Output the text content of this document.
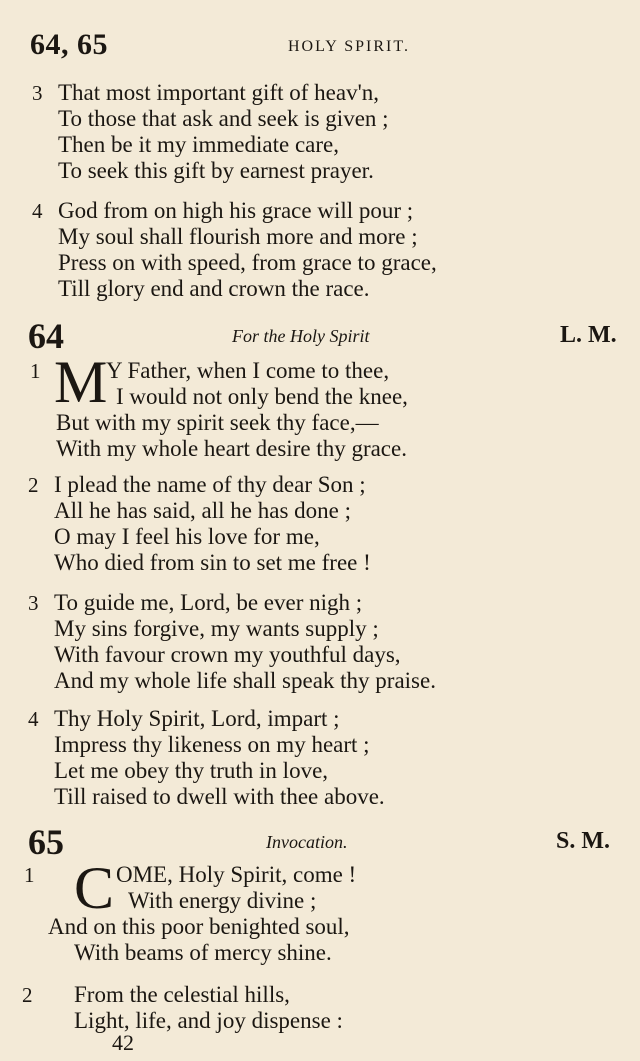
64, 65	HOLY SPIRIT.
3 That most important gift of heav'n,
To those that ask and seek is given ;
Then be it my immediate care,
To seek this gift by earnest prayer.
4 God from on high his grace will pour ;
My soul shall flourish more and more ;
Press on with speed, from grace to grace,
Till glory end and crown the race.
64	For the Holy Spirit	L. M.
1 M
Y Father, when I come to thee,
I would not only bend the knee,
But with my spirit seek thy face,—
With my whole heart desire thy grace.
2 I plead the name of thy dear Son ;
All he has said, all he has done ;
O may I feel his love for me,
Who died from sin to set me free !
3 To guide me, Lord, be ever nigh ;
My sins forgive, my wants supply ;
With favour crown my youthful days,
And my whole life shall speak thy praise.
4 Thy Holy Spirit, Lord, impart ;
Impress thy likeness on my heart ;
Let me obey thy truth in love,
Till raised to dwell with thee above.
65	Invocation.	S. M.
1 C OME, Holy Spirit, come !
With energy divine ;
And on this poor benighted soul,
With beams of mercy shine.
2 From the celestial hills,
Light, life, and joy dispense :
42
